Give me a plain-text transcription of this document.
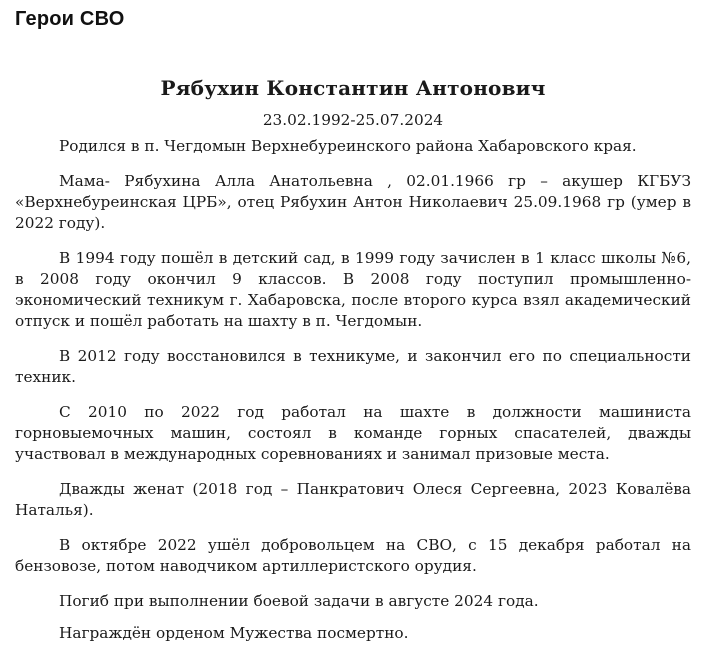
Герои СВО
Рябухин Константин Антонович
23.02.1992-25.07.2024

Родился в п. Чегдомын Верхнебуреинского района Хабаровского края.

Мама- Рябухина Алла Анатольевна , 02.01.1966 гр – акушер КГБУЗ «Верхнебуреинская ЦРБ», отец Рябухин Антон Николаевич 25.09.1968 гр (умер в 2022 году).

В 1994 году пошёл в детский сад, в 1999 году зачислен в 1 класс школы №6, в 2008 году окончил 9 классов. В 2008 году поступил промышленно-экономический техникум г. Хабаровска, после второго курса взял академический отпуск и пошёл работать на шахту в п. Чегдомын.

В 2012 году восстановился в техникуме, и закончил его по специальности техник.

С 2010 по 2022 год работал на шахте в должности машиниста горновыемочных машин, состоял в команде горных спасателей, дважды участвовал в международных соревнованиях и занимал призовые места.

Дважды женат (2018 год – Панкратович Олеся Сергеевна, 2023 Ковалёва Наталья).

В октябре 2022 ушёл добровольцем на СВО, с 15 декабря работал на бензовозе, потом наводчиком артиллеристского орудия.

Погиб при выполнении боевой задачи в августе 2024 года.

Награждён орденом Мужества посмертно.
